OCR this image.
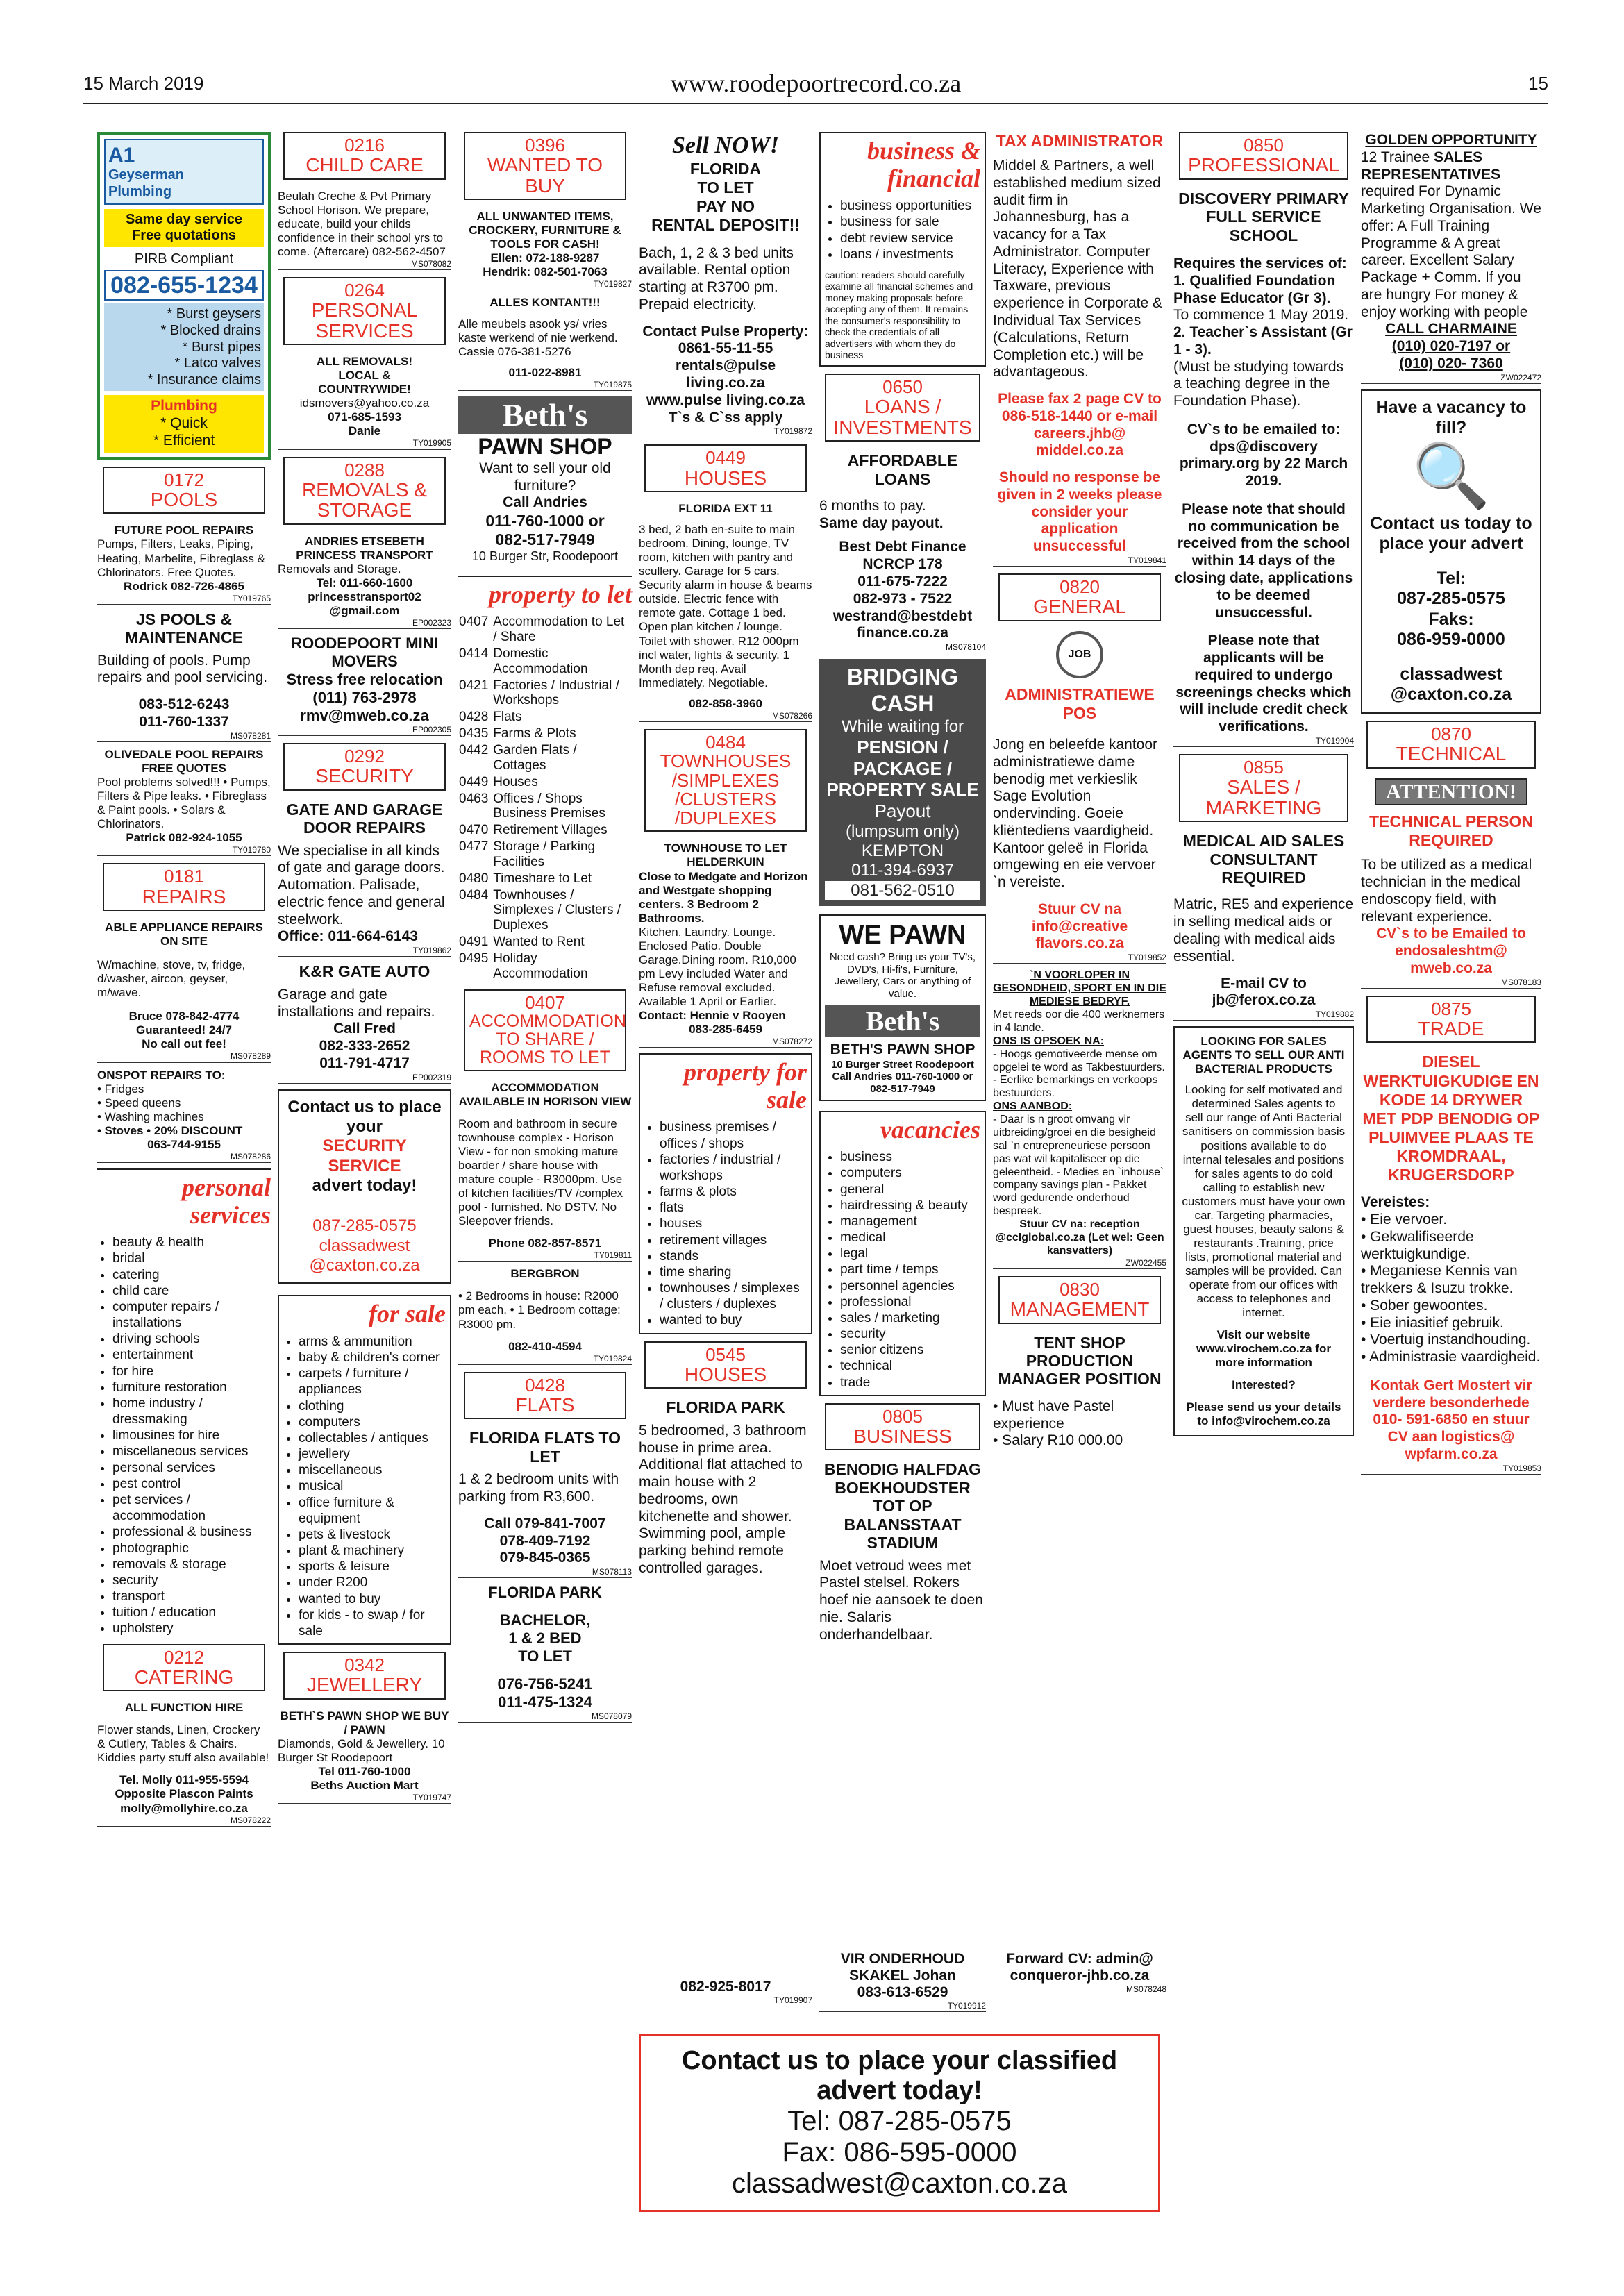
15 March 2019	www.roodepoortrecord.co.za	15
A1
Geyserman
Plumbing
Same day service
Free quotations
PIRB Compliant
082-655-1234
* Burst geysers
* Blocked drains
* Burst pipes
* Latco valves
* Insurance claims
Plumbing
* Quick
* Efficient
0172
POOLS
FUTURE POOL REPAIRS
Pumps, Filters, Leaks, Piping, Heating, Marbelite, Fibreglass & Chlorinators. Free Quotes.
Rodrick 082-726-4865
TY019765
JS POOLS & MAINTENANCE
Building of pools. Pump repairs and pool servicing.
083-512-6243
011-760-1337
MS078281
OLIVEDALE POOL REPAIRS
FREE QUOTES
Pool problems solved!!! • Pumps, Filters & Pipe leaks. • Fibreglass & Paint pools. • Solars & Chlorinators.
Patrick 082-924-1055
TY019780
0181
REPAIRS
ABLE APPLIANCE REPAIRS ON SITE
W/machine, stove, tv, fridge, d/washer, aircon, geyser, m/wave.
Bruce 078-842-4774
Guaranteed! 24/7
No call out fee!
MS078289
ONSPOT REPAIRS TO:
• Fridges
• Speed queens
• Washing machines
• Stoves • 20% DISCOUNT
063-744-9155
MS078286
personal services
• beauty & health
• bridal
• catering
• child care
• computer repairs / installations
• driving schools
• entertainment
• for hire
• furniture restoration
• home industry / dressmaking
• limousines for hire
• miscellaneous services
• personal services
• pest control
• pet services / accommodation
• professional & business
• photographic
• removals & storage
• security
• transport
• tuition / education
• upholstery
0212
CATERING
ALL FUNCTION HIRE
Flower stands, Linen, Crockery & Cutlery, Tables & Chairs. Kiddies party stuff also available!
Tel. Molly 011-955-5594
Opposite Plascon Paints
molly@mollyhire.co.za
MS078222
0216
CHILD CARE
Beulah Creche & Pvt Primary School Horison. We prepare, educate, build your childs confidence in their school yrs to come. (Aftercare) 082-562-4507
MS078082
0264
PERSONAL SERVICES
ALL REMOVALS!
LOCAL &
COUNTRYWIDE!
idsmovers@yahoo.co.za
071-685-1593
Danie
TY019905
0288
REMOVALS & STORAGE
ANDRIES ETSEBETH PRINCESS TRANSPORT
Removals and Storage.
Tel: 011-660-1600
princesstransport02 @gmail.com
EP002323
ROODEPOORT MINI MOVERS
Stress free relocation
(011) 763-2978
rmv@mweb.co.za
EP002305
0292
SECURITY
GATE AND GARAGE DOOR REPAIRS
We specialise in all kinds of gate and garage doors. Automation. Palisade, electric fence and general steelwork.
Office: 011-664-6143
TY019862
K&R GATE AUTO
Garage and gate installations and repairs.
Call Fred
082-333-2652
011-791-4717
EP002319
Contact us to place your
SECURITY SERVICE
advert today!
087-285-0575
classadwest @caxton.co.za
for sale
• arms & ammunition
• baby & children's corner
• carpets / furniture / appliances
• clothing
• computers
• collectables / antiques
• jewellery
• miscellaneous
• musical
• office furniture & equipment
• pets & livestock
• plant & machinery
• sports & leisure
• under R200
• wanted to buy
• for kids - to swap / for sale
0342
JEWELLERY
BETH`S PAWN SHOP WE BUY / PAWN
Diamonds, Gold & Jewellery. 10 Burger St Roodepoort
Tel 011-760-1000
Beths Auction Mart
TY019747
0396
WANTED TO BUY
ALL UNWANTED ITEMS, CROCKERY, FURNITURE & TOOLS FOR CASH!
Ellen: 072-188-9287
Hendrik: 082-501-7063
TY019827
ALLES KONTANT!!!
Alle meubels asook ys/ vries kaste werkend of nie werkend. Cassie 076-381-5276
011-022-8981
TY019875
Beth's
PAWN SHOP
Want to sell your old furniture?
Call Andries
011-760-1000 or
082-517-7949
10 Burger Str, Roodepoort
property to let
0407	Accommodation to Let / Share
0414	Domestic Accommodation
0421	Factories / Industrial / Workshops
0428	Flats
0435	Farms & Plots
0442	Garden Flats / Cottages
0449	Houses
0463	Offices / Shops Business Premises
0470	Retirement Villages
0477	Storage / Parking Facilities
0480	Timeshare to Let
0484	Townhouses / Simplexes / Clusters / Duplexes
0491	Wanted to Rent
0495	Holiday Accommodation
0407
ACCOMMODATION TO SHARE / ROOMS TO LET
ACCOMMODATION AVAILABLE IN HORISON VIEW
Room and bathroom in secure townhouse complex - Horison View - for non smoking mature boarder / share house with mature couple - R3000pm. Use of kitchen facilities/TV /complex pool - furnished. No DSTV. No Sleepover friends.
Phone 082-857-8571
TY019811
BERGBRON
• 2 Bedrooms in house: R2000 pm each. • 1 Bedroom cottage: R3000 pm.
082-410-4594
TY019824
0428
FLATS
FLORIDA FLATS TO LET
1 & 2 bedroom units with parking from R3,600.
Call 079-841-7007
078-409-7192
079-845-0365
MS078113
FLORIDA PARK
BACHELOR,
1 & 2 BED
TO LET
076-756-5241
011-475-1324
MS078079
Sell NOW!
FLORIDA
TO LET
PAY NO
RENTAL DEPOSIT!!
Bach, 1, 2 & 3 bed units available. Rental option starting at R3700 pm. Prepaid electricity.
Contact Pulse Property:
0861-55-11-55
rentals@pulse living.co.za
www.pulse living.co.za
T`s & C`ss apply
TY019872
0449
HOUSES
FLORIDA EXT 11
3 bed, 2 bath en-suite to main bedroom. Dining, lounge, TV room, kitchen with pantry and scullery. Garage for 5 cars. Security alarm in house & beams outside. Electric fence with remote gate. Cottage 1 bed. Open plan kitchen / lounge. Toilet with shower. R12 000pm incl water, lights & security. 1 Month dep req. Avail Immediately. Negotiable.
082-858-3960
MS078266
0484
TOWNHOUSES /SIMPLEXES /CLUSTERS /DUPLEXES
TOWNHOUSE TO LET HELDERKUIN
Close to Medgate and Horizon and Westgate shopping centers. 3 Bedroom 2 Bathrooms.
Kitchen. Laundry. Lounge. Enclosed Patio. Double Garage.Dining room. R10,000 pm Levy included Water and Refuse removal excluded. Available 1 April or Earlier.
Contact: Hennie v Rooyen
083-285-6459
MS078272
property for sale
• business premises / offices / shops
• factories / industrial / workshops
• farms & plots
• flats
• houses
• retirement villages
• stands
• time sharing
• townhouses / simplexes / clusters / duplexes
• wanted to buy
0545
HOUSES
FLORIDA PARK
5 bedroomed, 3 bathroom house in prime area. Additional flat attached to main house with 2 bedrooms, own kitchenette and shower. Swimming pool, ample parking behind remote controlled garages.
business & financial
• business opportunities
• business for sale
• debt review service
• loans / investments
caution: readers should carefully examine all financial schemes and money making proposals before accepting any of them. It remains the consumer's responsibility to check the credentials of all advertisers with whom they do business
0650
LOANS / INVESTMENTS
AFFORDABLE LOANS
6 months to pay.
Same day payout.
Best Debt Finance
NCRCP 178
011-675-7222
082-973 - 7522
westrand@bestdebt finance.co.za
MS078104
BRIDGING CASH
While waiting for
PENSION / PACKAGE / PROPERTY SALE
Payout
(lumpsum only)
KEMPTON
011-394-6937
081-562-0510
WE PAWN
Need cash? Bring us your TV's, DVD's, Hi-fi's, Furniture, Jewellery, Cars or anything of value.
Beth's
BETH'S PAWN SHOP
10 Burger Street Roodepoort
Call Andries 011-760-1000 or 082-517-7949
vacancies
• business
• computers
• general
• hairdressing & beauty
• management
• medical
• legal
• part time / temps
• personnel agencies
• professional
• sales / marketing
• security
• senior citizens
• technical
• trade
0805
BUSINESS
BENODIG HALFDAG BOEKHOUDSTER TOT OP BALANSSTAAT STADIUM
Moet vetroud wees met Pastel stelsel. Rokers hoef nie aansoek te doen nie. Salaris onderhandelbaar.
TAX ADMINISTRATOR
Middel & Partners, a well established medium sized audit firm in Johannesburg, has a vacancy for a Tax Administrator. Computer Literacy, Experience with Taxware, previous experience in Corporate & Individual Tax Services (Calculations, Return Completion etc.) will be advantageous.
Please fax 2 page CV to 086-518-1440 or e-mail careers.jhb@ middel.co.za
Should no response be given in 2 weeks please consider your application unsuccessful
TY019841
0820
GENERAL
JOB
ADMINISTRATIEWE POS
Jong en beleefde kantoor administratiewe dame benodig met verkieslik Sage Evolution ondervinding. Goeie kliëntediens vaardigheid. Kantoor geleë in Florida omgewing en eie vervoer `n vereiste.
Stuur CV na info@creative flavors.co.za
TY019852
`N VOORLOPER IN GESONDHEID, SPORT EN IN DIE MEDIESE BEDRYF.
Met reeds oor die 400 werknemers in 4 lande.
ONS IS OPSOEK NA:
- Hoogs gemotiveerde mense om opgelei te word as Takbestuurders. - Eerlike bemarkings en verkoops bestuurders.
ONS AANBOD:
- Daar is n groot omvang vir uitbreiding/groei en die besigheid sal `n entrepreneuriese persoon pas wat wil kapitaliseer op die geleentheid. - Medies en `inhouse` company savings plan - Pakket word gedurende onderhoud bespreek.
Stuur CV na: reception @ccIglobal.co.za (Let wel: Geen kansvatters)
ZW022455
0830
MANAGEMENT
TENT SHOP PRODUCTION MANAGER POSITION
• Must have Pastel experience
• Salary R10 000.00
0850
PROFESSIONAL
DISCOVERY PRIMARY FULL SERVICE SCHOOL
Requires the services of:
1. Qualified Foundation Phase Educator (Gr 3).
To commence 1 May 2019.
2. Teacher`s Assistant (Gr 1 - 3).
(Must be studying towards a teaching degree in the Foundation Phase).
CV`s to be emailed to: dps@discovery primary.org by 22 March 2019.
Please note that should no communication be received from the school within 14 days of the closing date, applications to be deemed unsuccessful.
Please note that applicants will be required to undergo screenings checks which will include credit check verifications.
TY019904
0855
SALES / MARKETING
MEDICAL AID SALES CONSULTANT REQUIRED
Matric, RE5 and experience in selling medical aids or dealing with medical aids essential.
E-mail CV to jb@ferox.co.za
TY019882
LOOKING FOR SALES AGENTS TO SELL OUR ANTI BACTERIAL PRODUCTS
Looking for self motivated and determined Sales agents to sell our range of Anti Bacterial sanitisers on commission basis positions available to do internal telesales and positions for sales agents to do cold calling to establish new customers must have your own car. Targeting pharmacies, guest houses, beauty salons & restaurants .Training, price lists, promotional material and samples will be provided. Can operate from our offices with access to telephones and internet.
Visit our website www.virochem.co.za for more information
Interested?
Please send us your details to info@virochem.co.za
GOLDEN OPPORTUNITY
12 Trainee SALES REPRESENTATIVES
required For Dynamic Marketing Organisation. We offer: A Full Training Programme & A great career. Excellent Salary Package + Comm. If you are hungry For money & enjoy working with people
CALL CHARMAINE
(010) 020-7197 or
(010) 020- 7360
ZW022472
Have a vacancy to fill?
🔍
Contact us today to place your advert
Tel:
087-285-0575
Faks:
086-959-0000
classadwest @caxton.co.za
0870
TECHNICAL
ATTENTION!
TECHNICAL PERSON REQUIRED
To be utilized as a medical technician in the medical endoscopy field, with relevant experience.
CV`s to be Emailed to endosaleshtm@ mweb.co.za
MS078183
0875
TRADE
DIESEL WERKTUIGKUDIGE EN KODE 14 DRYWER MET PDP BENODIG OP PLUIMVEE PLAAS TE KROMDRAAL, KRUGERSDORP
Vereistes:
• Eie vervoer.
• Gekwalifiseerde werktuigkundige.
• Meganiese Kennis van trekkers & Isuzu trokke.
• Sober gewoontes.
• Eie iniasitief gebruik.
• Voertuig instandhouding.
• Administrasie vaardigheid.
Kontak Gert Mostert vir verdere besonderhede 010- 591-6850 en stuur CV aan logistics@ wpfarm.co.za
TY019853
082-925-8017
TY019907
VIR ONDERHOUD SKAKEL Johan
083-613-6529
TY019912
Forward CV: admin@ conqueror-jhb.co.za
MS078248
Contact us to place your classified advert today!
Tel: 087-285-0575
Fax: 086-595-0000
classadwest@caxton.co.za
